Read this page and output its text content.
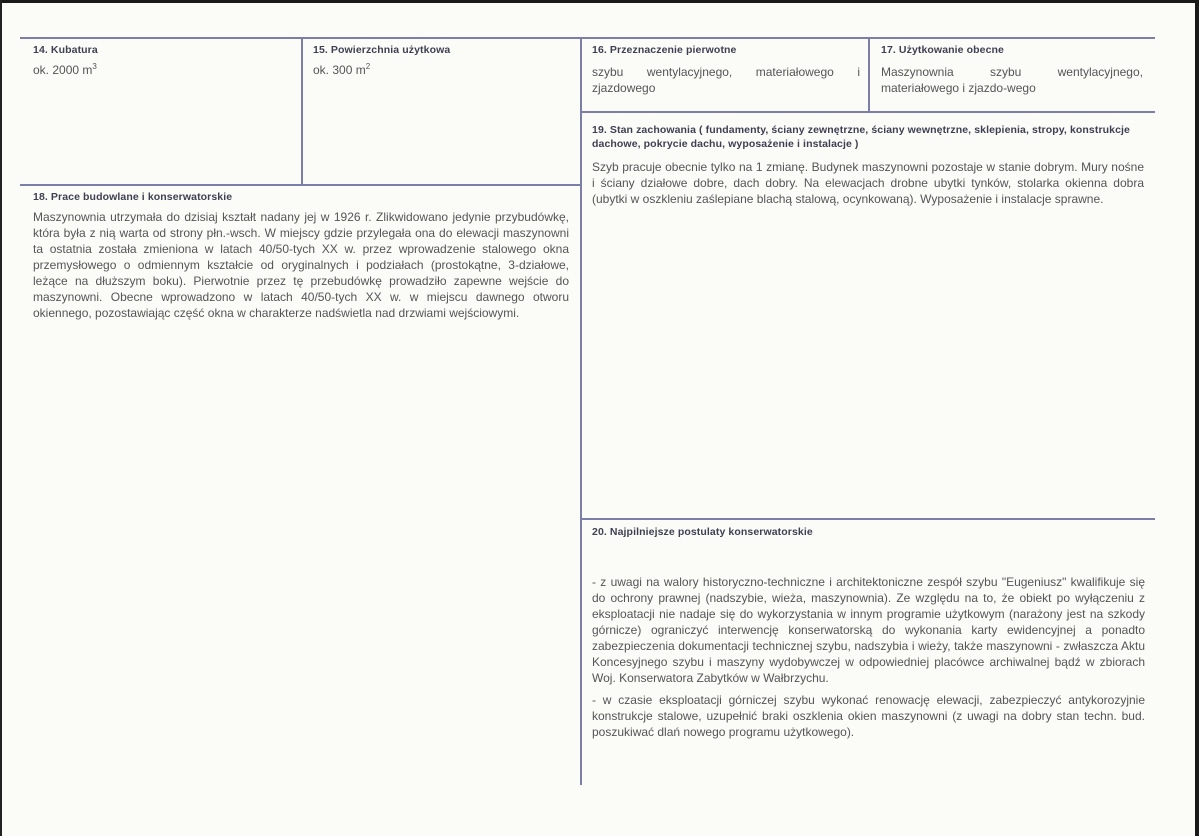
14. Kubatura
ok. 2000 $m^3$
15. Powierzchnia użytkowa
ok. 300 $m^2$
16. Przeznaczenie pierwotne
szybu wentylacyjnego, materiałowego i zjazdowego
17. Użytkowanie obecne
Maszynownia szybu wentylacyjnego, materiałowego i zjazdo-wego
18. Prace budowlane i konserwatorskie
Maszynownia utrzymała do dzisiaj kształt nadany jej w 1926 r. Zlikwidowano jedynie przybudówkę, która była z nią warta od strony płn.-wsch. W miejscy gdzie przylegała ona do elewacji maszynowni ta ostatnia została zmieniona w latach 40/50-tych XX w. przez wprowadzenie stalowego okna przemysłowego o odmiennym kształcie od oryginalnych i podziałach (prostokątne, 3-działowe, leżące na dłuższym boku). Pierwotnie przez tę przebudówkę prowadziło zapewne wejście do maszynowni. Obecne wprowadzono w latach 40/50-tych XX w. w miejscu dawnego otworu okiennego, pozostawiając część okna w charakterze nadświetla nad drzwiami wejściowymi.
19. Stan zachowania ( fundamenty, ściany zewnętrzne, ściany wewnętrzne, sklepienia, stropy, konstrukcje dachowe, pokrycie dachu, wyposażenie i instalacje )
Szyb pracuje obecnie tylko na 1 zmianę. Budynek maszynowni pozostaje w stanie dobrym. Mury nośne i ściany działowe dobre, dach dobry. Na elewacjach drobne ubytki tynków, stolarka okienna dobra (ubytki w oszkleniu zaślepiane blachą stalową, ocynkowaną). Wyposażenie i instalacje sprawne.
20. Najpilniejsze postulaty konserwatorskie
- z uwagi na walory historyczno-techniczne i architektoniczne zespół szybu "Eugeniusz" kwalifikuje się do ochrony prawnej (nadszybie, wieża, maszynownia). Ze względu na to, że obiekt po wyłączeniu z eksploatacji nie nadaje się do wykorzystania w innym programie użytkowym (narażony jest na szkody górnicze) ograniczyć interwencję konserwatorską do wykonania karty ewidencyjnej a ponadto zabezpieczenia dokumentacji technicznej szybu, nadszybia i wieży, także maszynowni - zwłaszcza Aktu Koncesyjnego szybu i maszyny wydobywczej w odpowiedniej placówce archiwalnej bądź w zbiorach Woj. Konserwatora Zabytków w Wałbrzychu.
- w czasie eksploatacji górniczej szybu wykonać renowację elewacji, zabezpieczyć antykorozyjnie konstrukcje stalowe, uzupełnić braki oszklenia okien maszynowni (z uwagi na dobry stan techn. bud. poszukiwać dlań nowego programu użytkowego).
